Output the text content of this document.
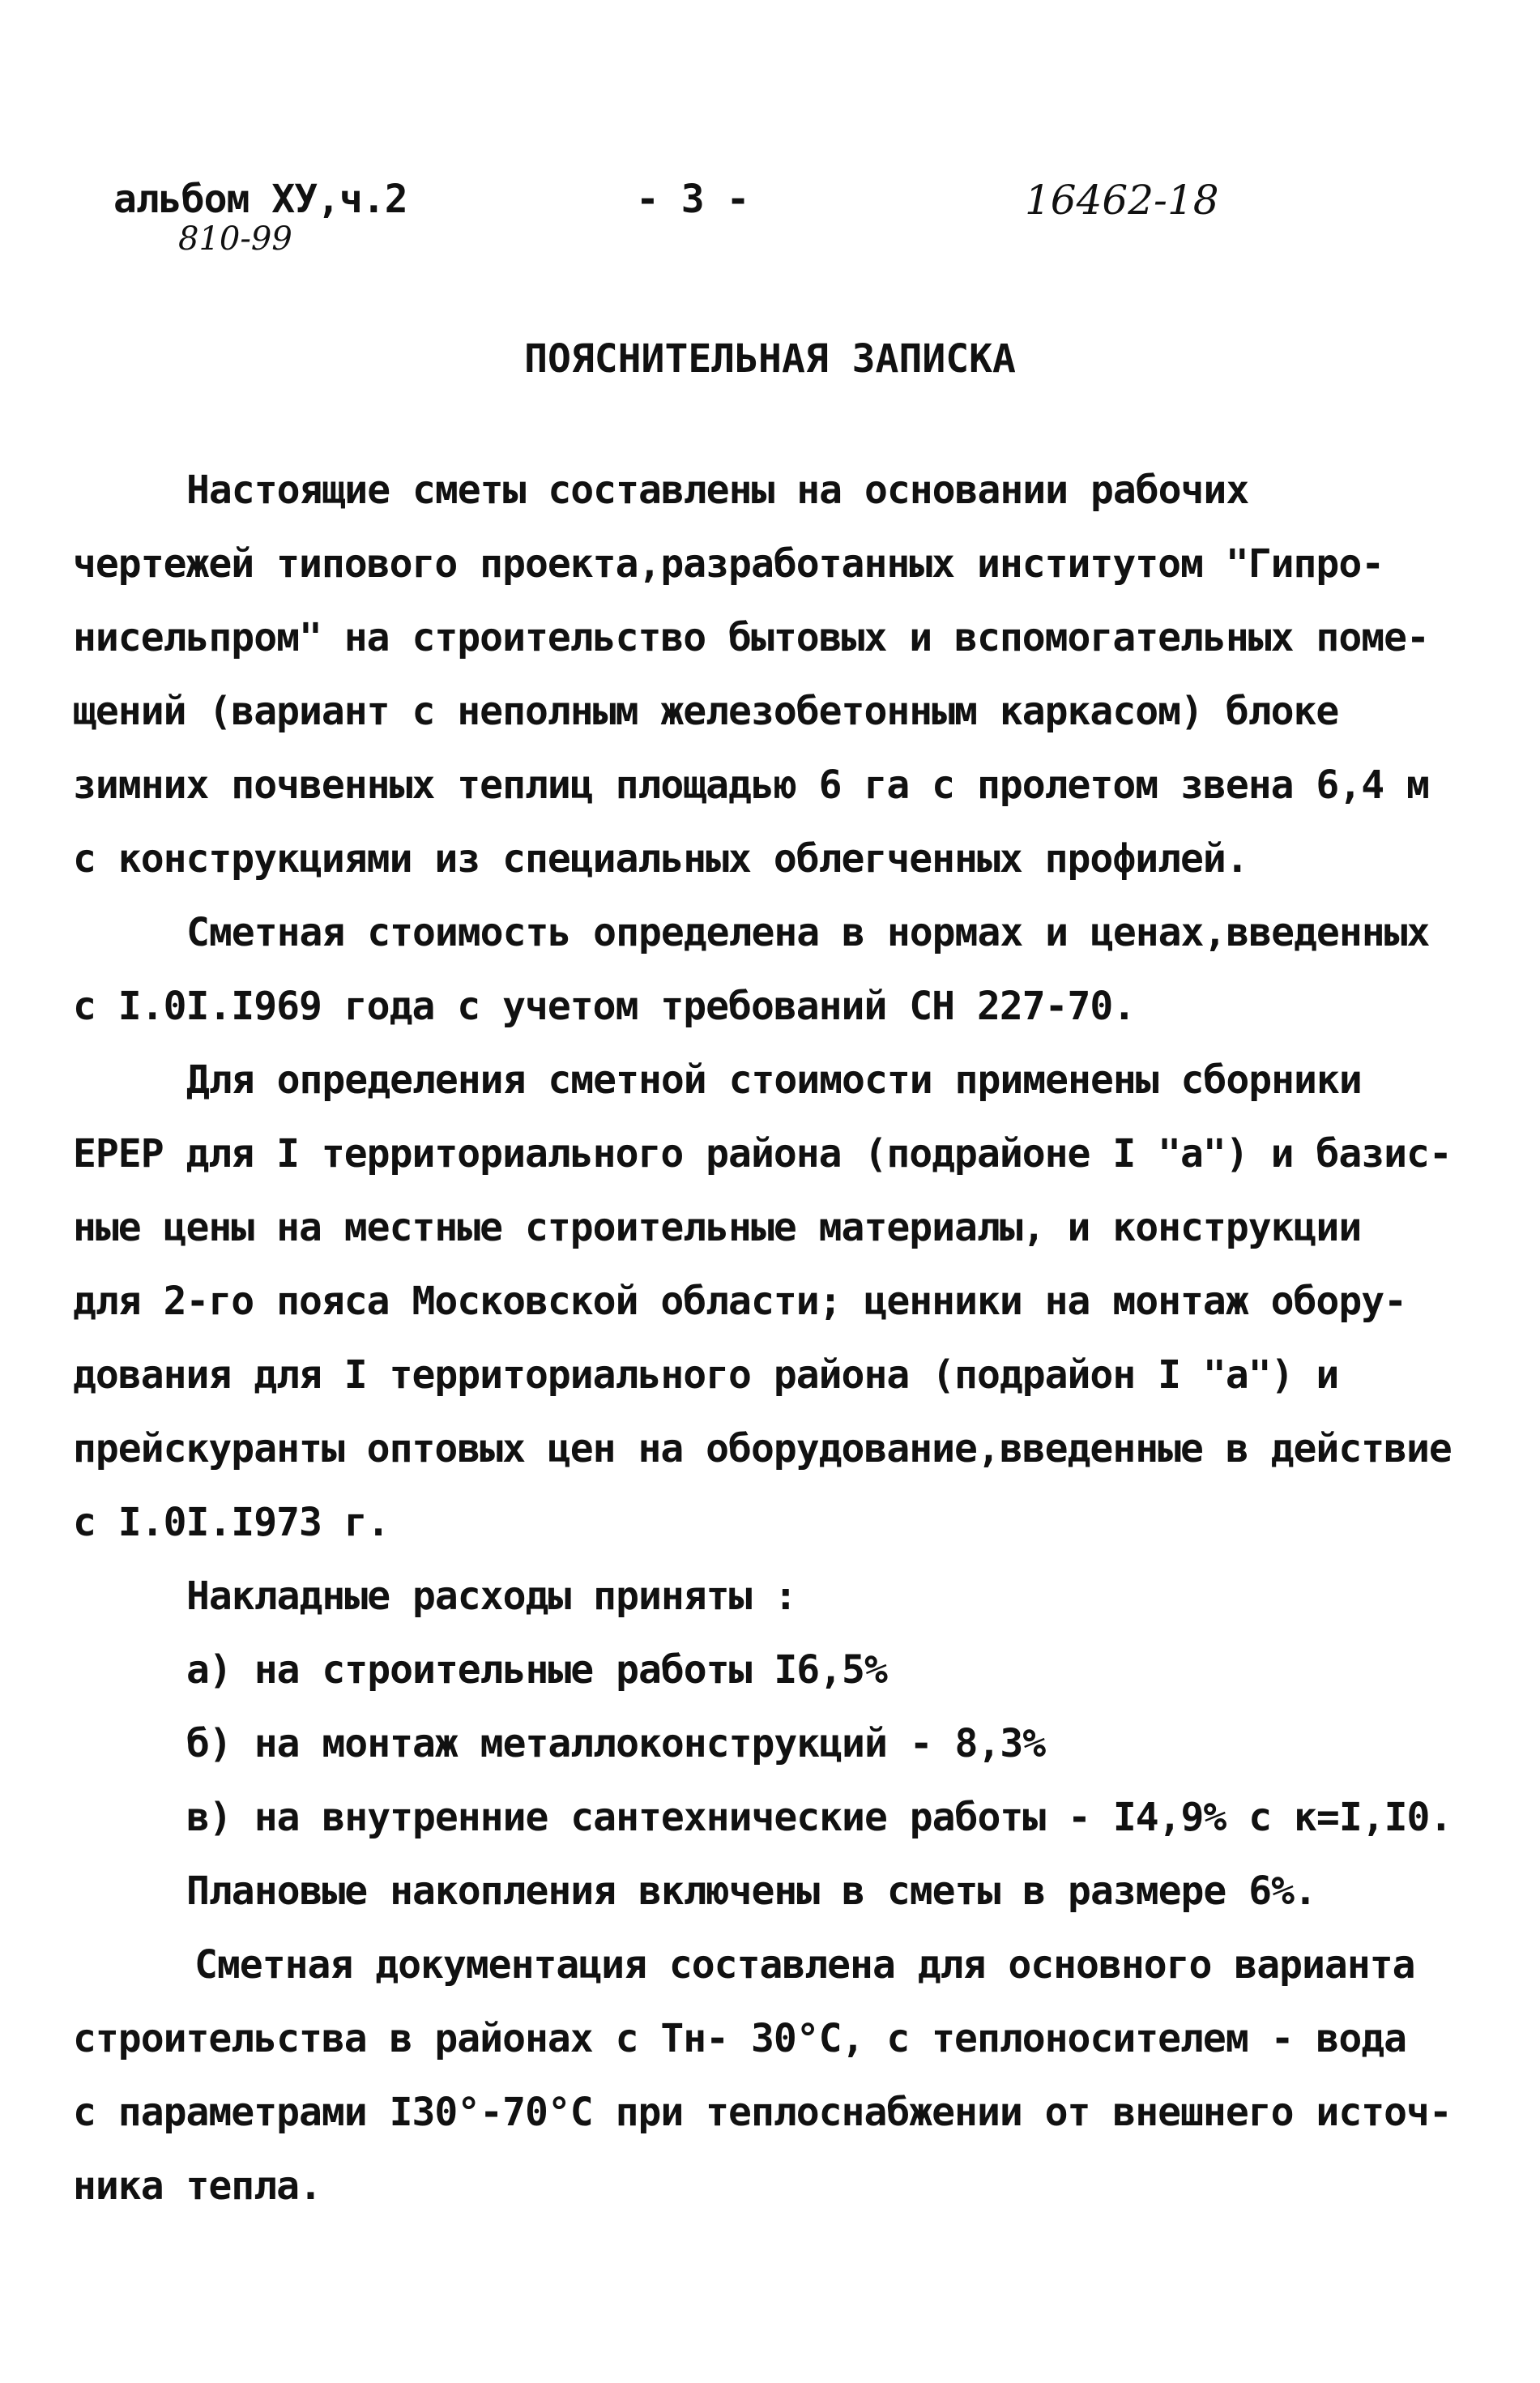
альбом XУ,ч.2	- 3 -	16462-18
810-99
ПОЯСНИТЕЛЬНАЯ ЗАПИСКА
Настоящие сметы составлены на основании рабочих
чертежей типового проекта,разработанных институтом "Гипро-
нисельпром" на строительство бытовых и вспомогательных поме-
щений (вариант с неполным железобетонным каркасом) блоке
зимних почвенных теплиц площадью 6 га с пролетом звена 6,4 м
с конструкциями из специальных облегченных профилей.
Сметная стоимость определена в нормах и ценах,введенных
с I.0I.I969 года с учетом требований СН 227-70.
Для определения сметной стоимости применены сборники
ЕРЕР для I территориального района (подрайоне I "а") и базис-
ные цены на местные строительные материалы, и конструкции
для 2-го пояса Московской области; ценники на монтаж обору-
дования для I территориального района (подрайон I "а") и
прейскуранты оптовых цен на оборудование,введенные в действие
с I.0I.I973 г.
Накладные расходы приняты :
а) на строительные работы I6,5%
б) на монтаж металлоконструкций - 8,3%
в) на внутренние сантехнические работы - I4,9% с к=I,I0.
Плановые накопления включены в сметы в размере 6%.
Сметная документация составлена для основного варианта
строительства в районах с Тн- 30°С, с теплоносителем - вода
с параметрами I30°-70°С при теплоснабжении от внешнего источ-
ника тепла.
